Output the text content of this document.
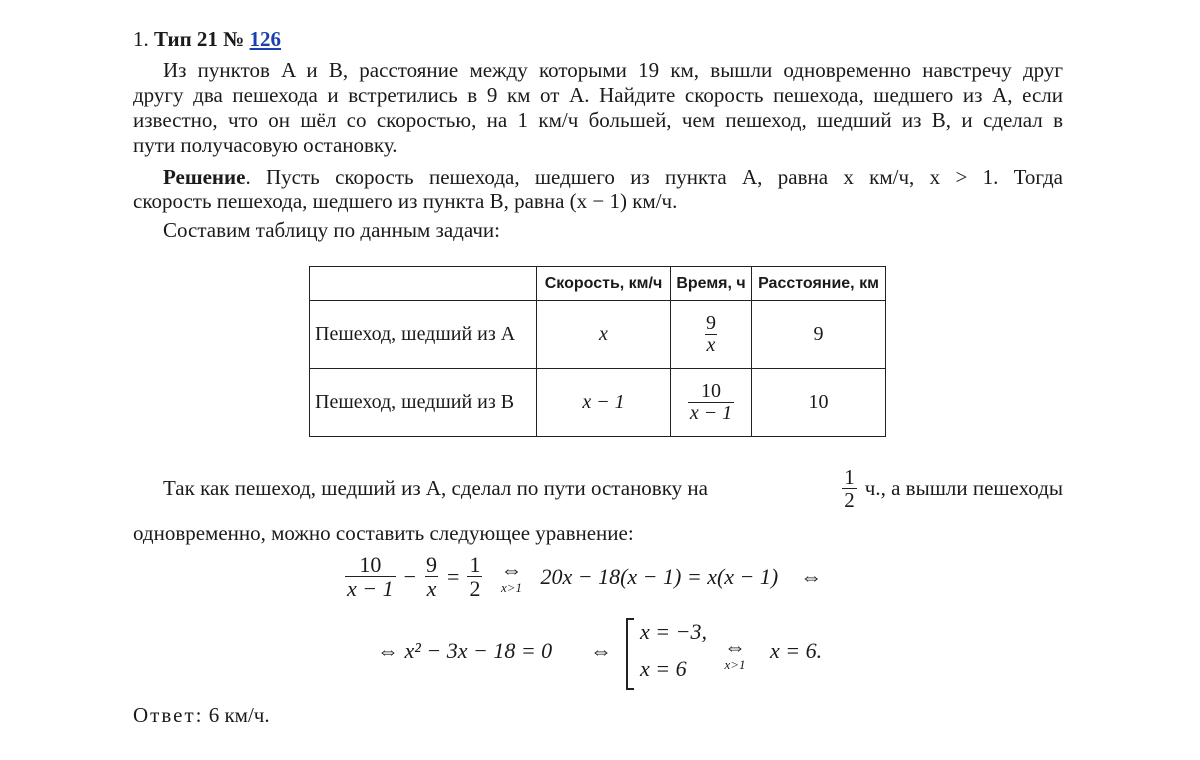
1. Тип 21 № 126
Из пунктов A и B, расстояние между которыми 19 км, вышли одновременно навстречу друг
другу два пешехода и встретились в 9 км от A. Найдите скорость пешехода, шедшего из A, если
известно, что он шёл со скоростью, на 1 км/ч большей, чем пешеход, шедший из B, и сделал в
пути получасовую остановку.
Решение. Пусть скорость пешехода, шедшего из пункта A, равна x км/ч, x > 1. Тогда
скорость пешехода, шедшего из пункта B, равна (x − 1) км/ч.
Составим таблицу по данным задачи:
	Скорость, км/ч	Время, ч	Расстояние, км
Пешеход, шедший из A	x	$\frac{9}{x}$	9
Пешеход, шедший из B	x − 1	$\frac{10}{x - 1}$	10
Так как пешеход, шедший из A, сделал по пути остановку на	$\frac{1}{2} ч$., а вышли пешеходы
одновременно, можно составить следующее уравнение:
$\frac{10}{x - 1} - \frac{9}{x} = \frac{1}{2}$ ⇔
x>1 20x − 18(x − 1) = x(x − 1) ⇔
⇔ x² − 3x − 18 = 0 ⇔
x = −3,
x = 6
⇔
x>1
x = 6.
Ответ: 6 км/ч.
